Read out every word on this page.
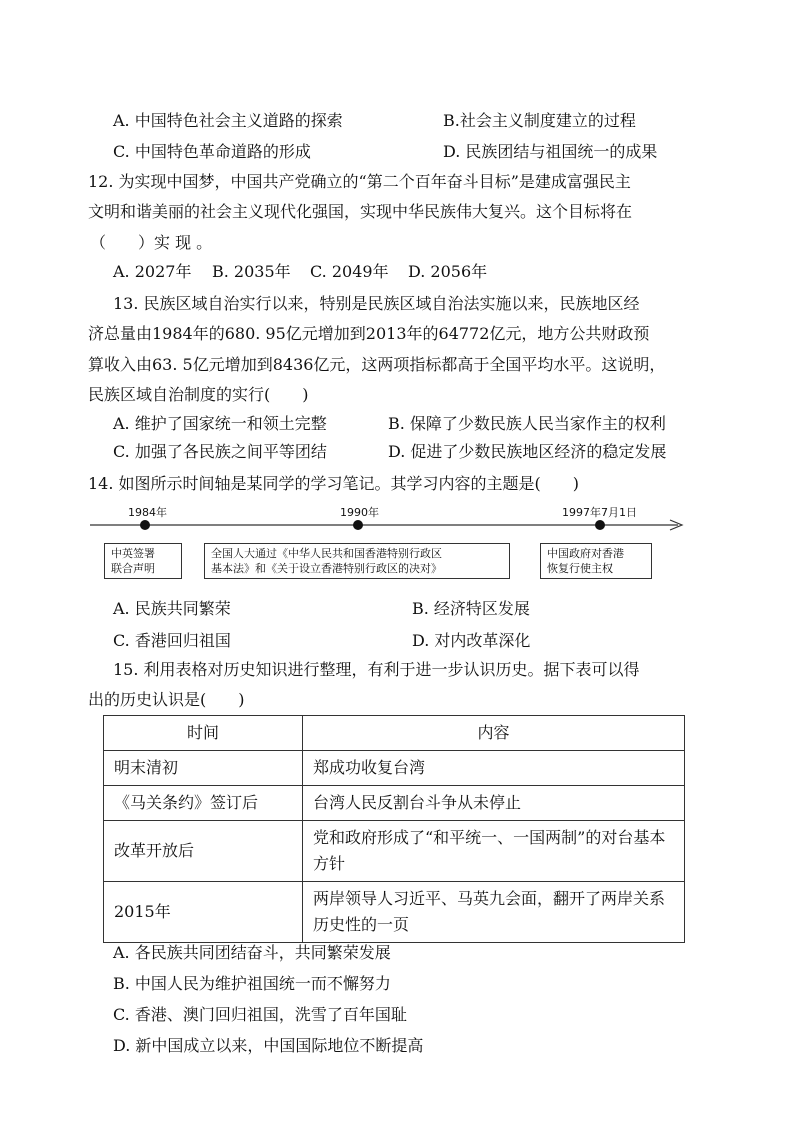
A. 中国特色社会主义道路的探索	B.社会主义制度建立的过程
C. 中国特色革命道路的形成	D. 民族团结与祖国统一的成果
12. 为实现中国梦，中国共产党确立的“第二个百年奋斗目标”是建成富强民主
文明和谐美丽的社会主义现代化强国，实现中华民族伟大复兴。这个目标将在
（　　）实 现 。
A. 2027年 B. 2035年 C. 2049年 D. 2056年
13. 民族区域自治实行以来，特别是民族区域自治法实施以来，民族地区经
济总量由1984年的680. 95亿元增加到2013年的64772亿元，地方公共财政预
算收入由63. 5亿元增加到8436亿元，这两项指标都高于全国平均水平。这说明，
民族区域自治制度的实行(　　)
A. 维护了国家统一和领土完整	B. 保障了少数民族人民当家作主的权利
C. 加强了各民族之间平等团结	D. 促进了少数民族地区经济的稳定发展
14. 如图所示时间轴是某同学的学习笔记。其学习内容的主题是(　　)
1984年	1990年	1997年7月1日
中英签署
联合声明
全国人大通过《中华人民共和国香港特别行政区
基本法》和《关于设立香港特别行政区的决对》
中国政府对香港
恢复行使主权
A. 民族共同繁荣	B. 经济特区发展
C. 香港回归祖国	D. 对内改革深化
15. 利用表格对历史知识进行整理，有利于进一步认识历史。据下表可以得
出的历史认识是(　　)
时间	内容
明末清初	郑成功收复台湾
《马关条约》签订后	台湾人民反割台斗争从未停止
改革开放后	党和政府形成了“和平统一、一国两制”的对台基本方针
2015年	两岸领导人习近平、马英九会面，翻开了两岸关系历史性的一页
A. 各民族共同团结奋斗，共同繁荣发展
B. 中国人民为维护祖国统一而不懈努力
C. 香港、澳门回归祖国，洗雪了百年国耻
D. 新中国成立以来，中国国际地位不断提高
